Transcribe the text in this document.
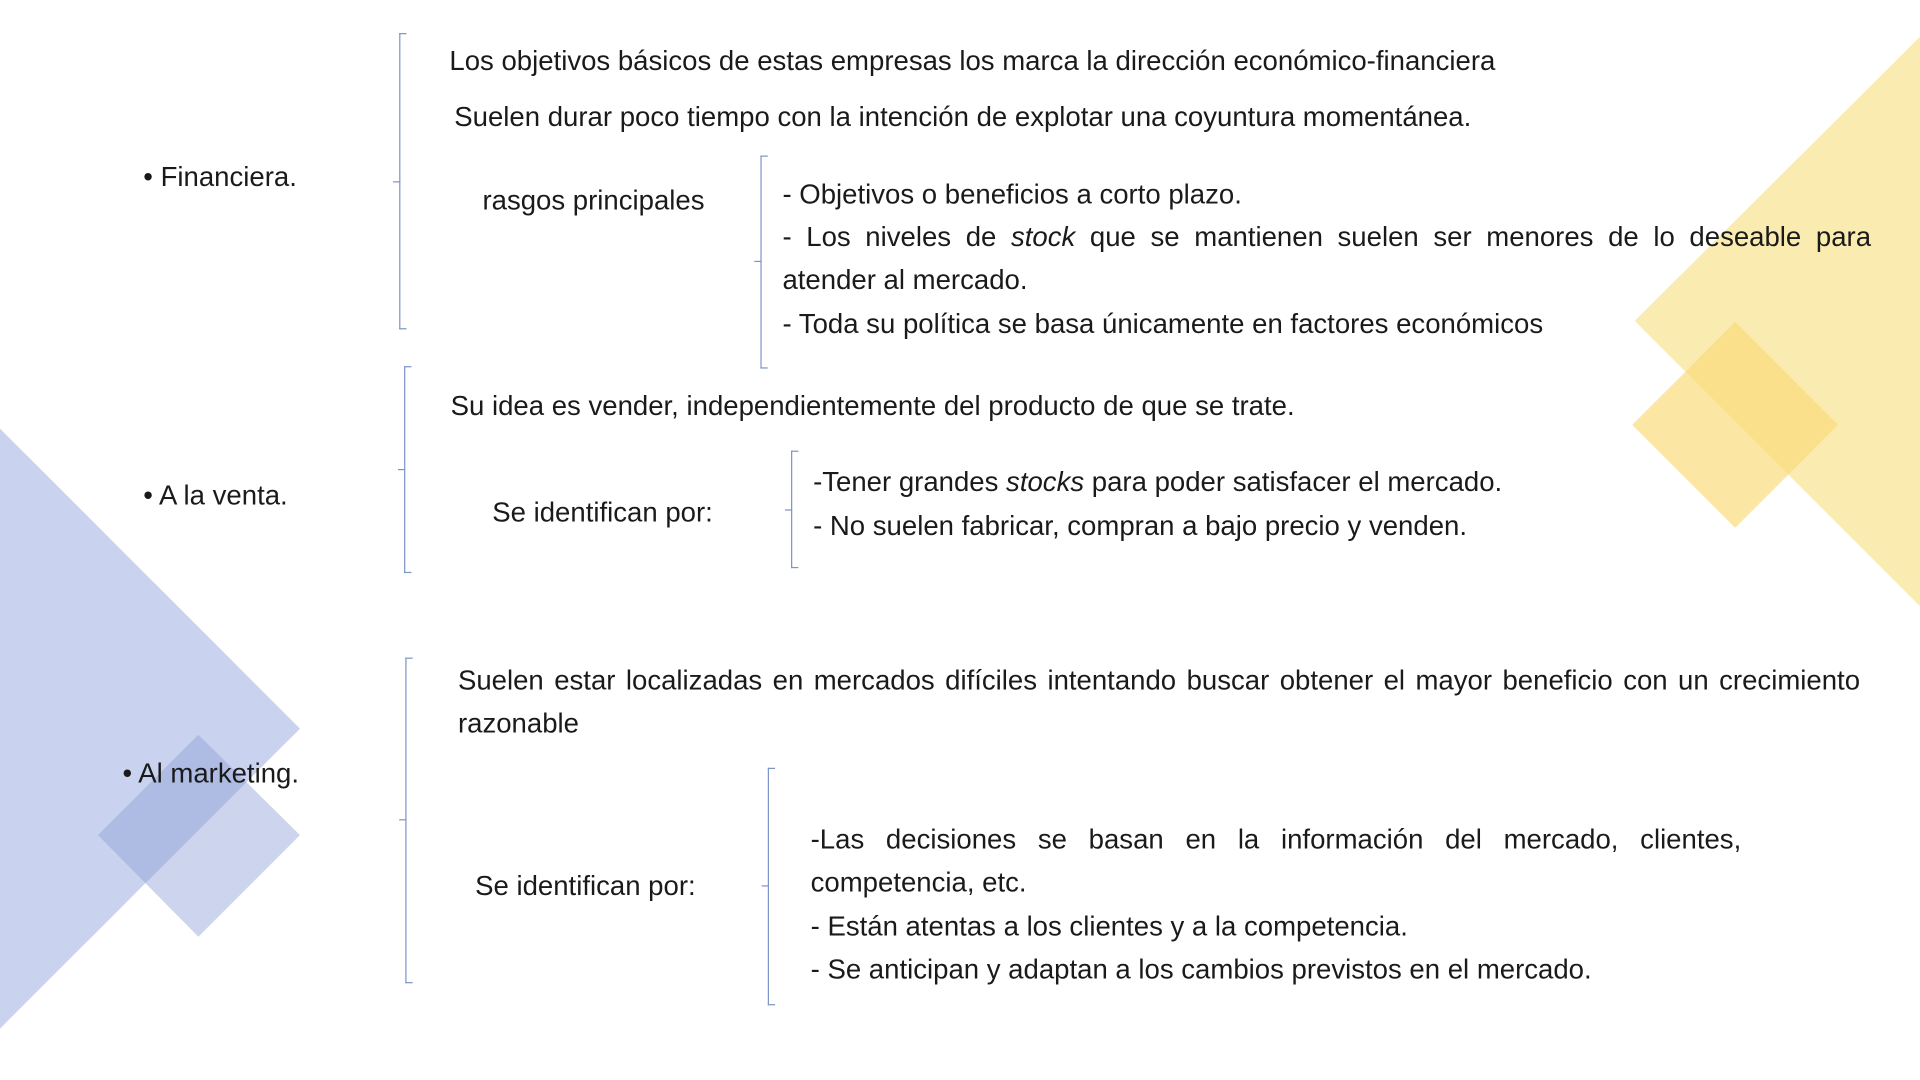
• Financiera.
Los objetivos básicos de estas empresas los marca la dirección económico-financiera
Suelen durar poco tiempo con la intención de explotar una coyuntura momentánea.
rasgos principales	- Objetivos o beneficios a corto plazo.
- Los niveles de stock que se mantienen suelen ser menores de lo deseable para atender al mercado.
- Toda su política se basa únicamente en factores económicos
• A la venta.
Su idea es vender, independientemente del producto de que se trate.
Se identifican por:
-Tener grandes stocks para poder satisfacer el mercado.
- No suelen fabricar, compran a bajo precio y venden.
• Al marketing.
Suelen estar localizadas en mercados difíciles intentando buscar obtener el mayor beneficio con un crecimiento razonable
Se identifican por:
-Las decisiones se basan en la información del mercado, clientes, competencia, etc.
- Están atentas a los clientes y a la competencia.
- Se anticipan y adaptan a los cambios previstos en el mercado.
